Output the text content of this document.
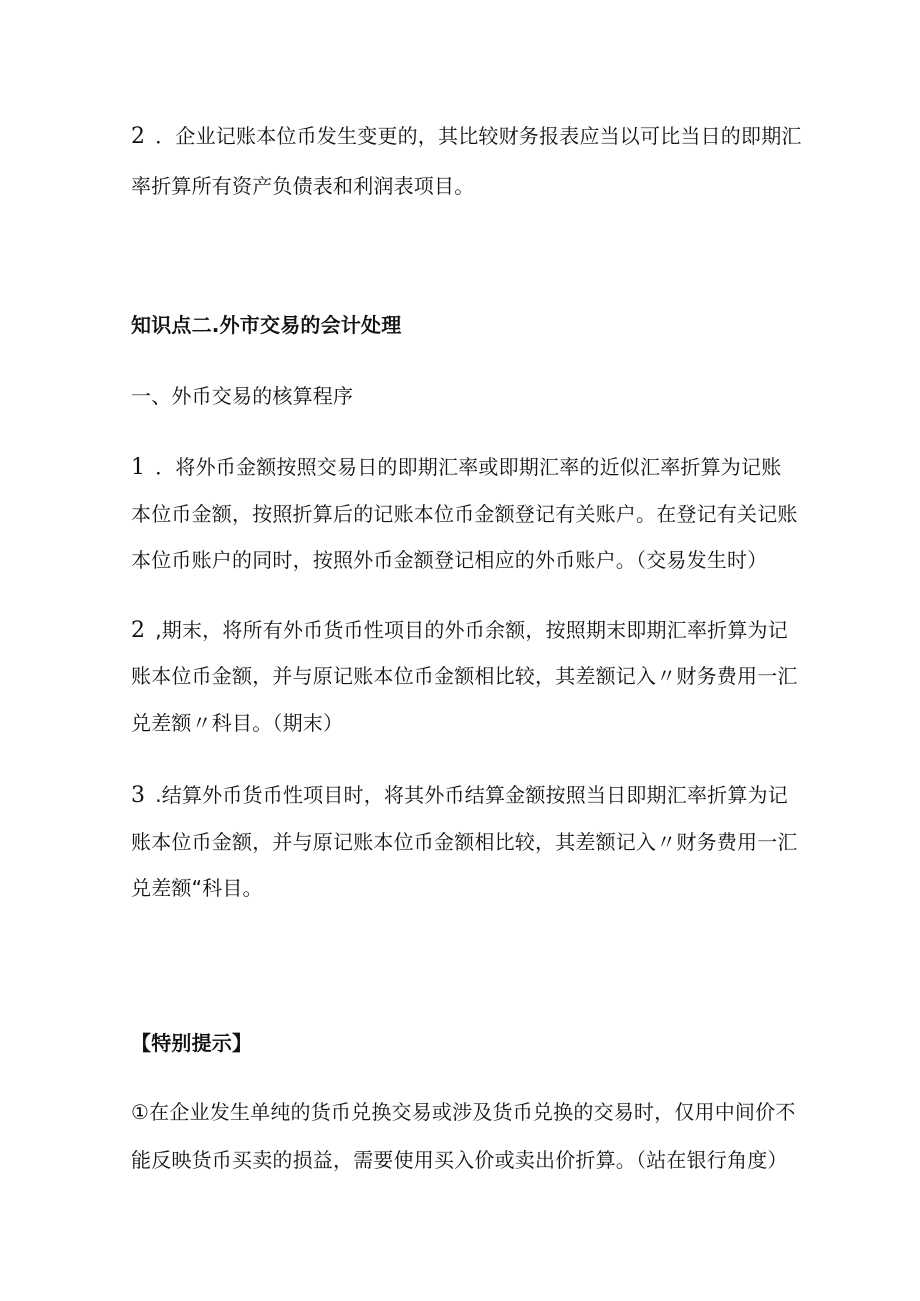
2 ．企业记账本位币发生变更的，其比较财务报表应当以可比当日的即期汇
率折算所有资产负债表和利润表项目。
知识点二.外市交易的会计处理
一、外币交易的核算程序
1 ．将外币金额按照交易日的即期汇率或即期汇率的近似汇率折算为记账
本位币金额，按照折算后的记账本位币金额登记有关账户。在登记有关记账
本位币账户的同时，按照外币金额登记相应的外币账户。（交易发生时）
2 ,期末，将所有外币货币性项目的外币余额，按照期末即期汇率折算为记
账本位币金额，并与原记账本位币金额相比较，其差额记入〃财务费用一汇
兑差额〃科目。（期末）
3 .结算外币货币性项目时，将其外币结算金额按照当日即期汇率折算为记
账本位币金额，并与原记账本位币金额相比较，其差额记入〃财务费用一汇
兑差额“科目。
【特别提示】
①在企业发生单纯的货币兑换交易或涉及货币兑换的交易时，仅用中间价不
能反映货币买卖的损益，需要使用买入价或卖出价折算。（站在银行角度）
